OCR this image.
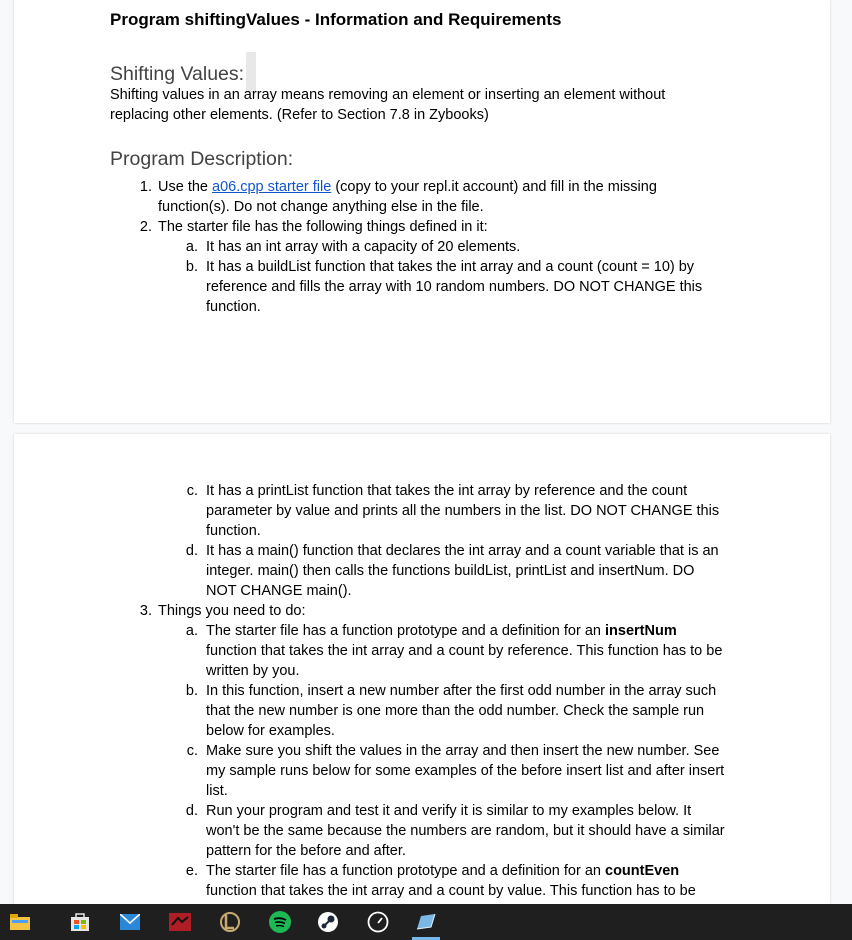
Program shiftingValues - Information and Requirements
Shifting Values:
Shifting values in an array means removing an element or inserting an element without
replacing other elements. (Refer to Section 7.8 in Zybooks)
Program Description:
1. Use the a06.cpp starter file (copy to your repl.it account) and fill in the missing
function(s). Do not change anything else in the file.
2. The starter file has the following things defined in it:
a. It has an int array with a capacity of 20 elements.
b. It has a buildList function that takes the int array and a count (count = 10) by
reference and fills the array with 10 random numbers. DO NOT CHANGE this
function.
c. It has a printList function that takes the int array by reference and the count
parameter by value and prints all the numbers in the list. DO NOT CHANGE this
function.
d. It has a main() function that declares the int array and a count variable that is an
integer. main() then calls the functions buildList, printList and insertNum. DO
NOT CHANGE main().
3. Things you need to do:
a. The starter file has a function prototype and a definition for an insertNum
function that takes the int array and a count by reference. This function has to be
written by you.
b. In this function, insert a new number after the first odd number in the array such
that the new number is one more than the odd number. Check the sample run
below for examples.
c. Make sure you shift the values in the array and then insert the new number. See
my sample runs below for some examples of the before insert list and after insert
list.
d. Run your program and test it and verify it is similar to my examples below. It
won't be the same because the numbers are random, but it should have a similar
pattern for the before and after.
e. The starter file has a function prototype and a definition for an countEven
function that takes the int array and a count by value. This function has to be
